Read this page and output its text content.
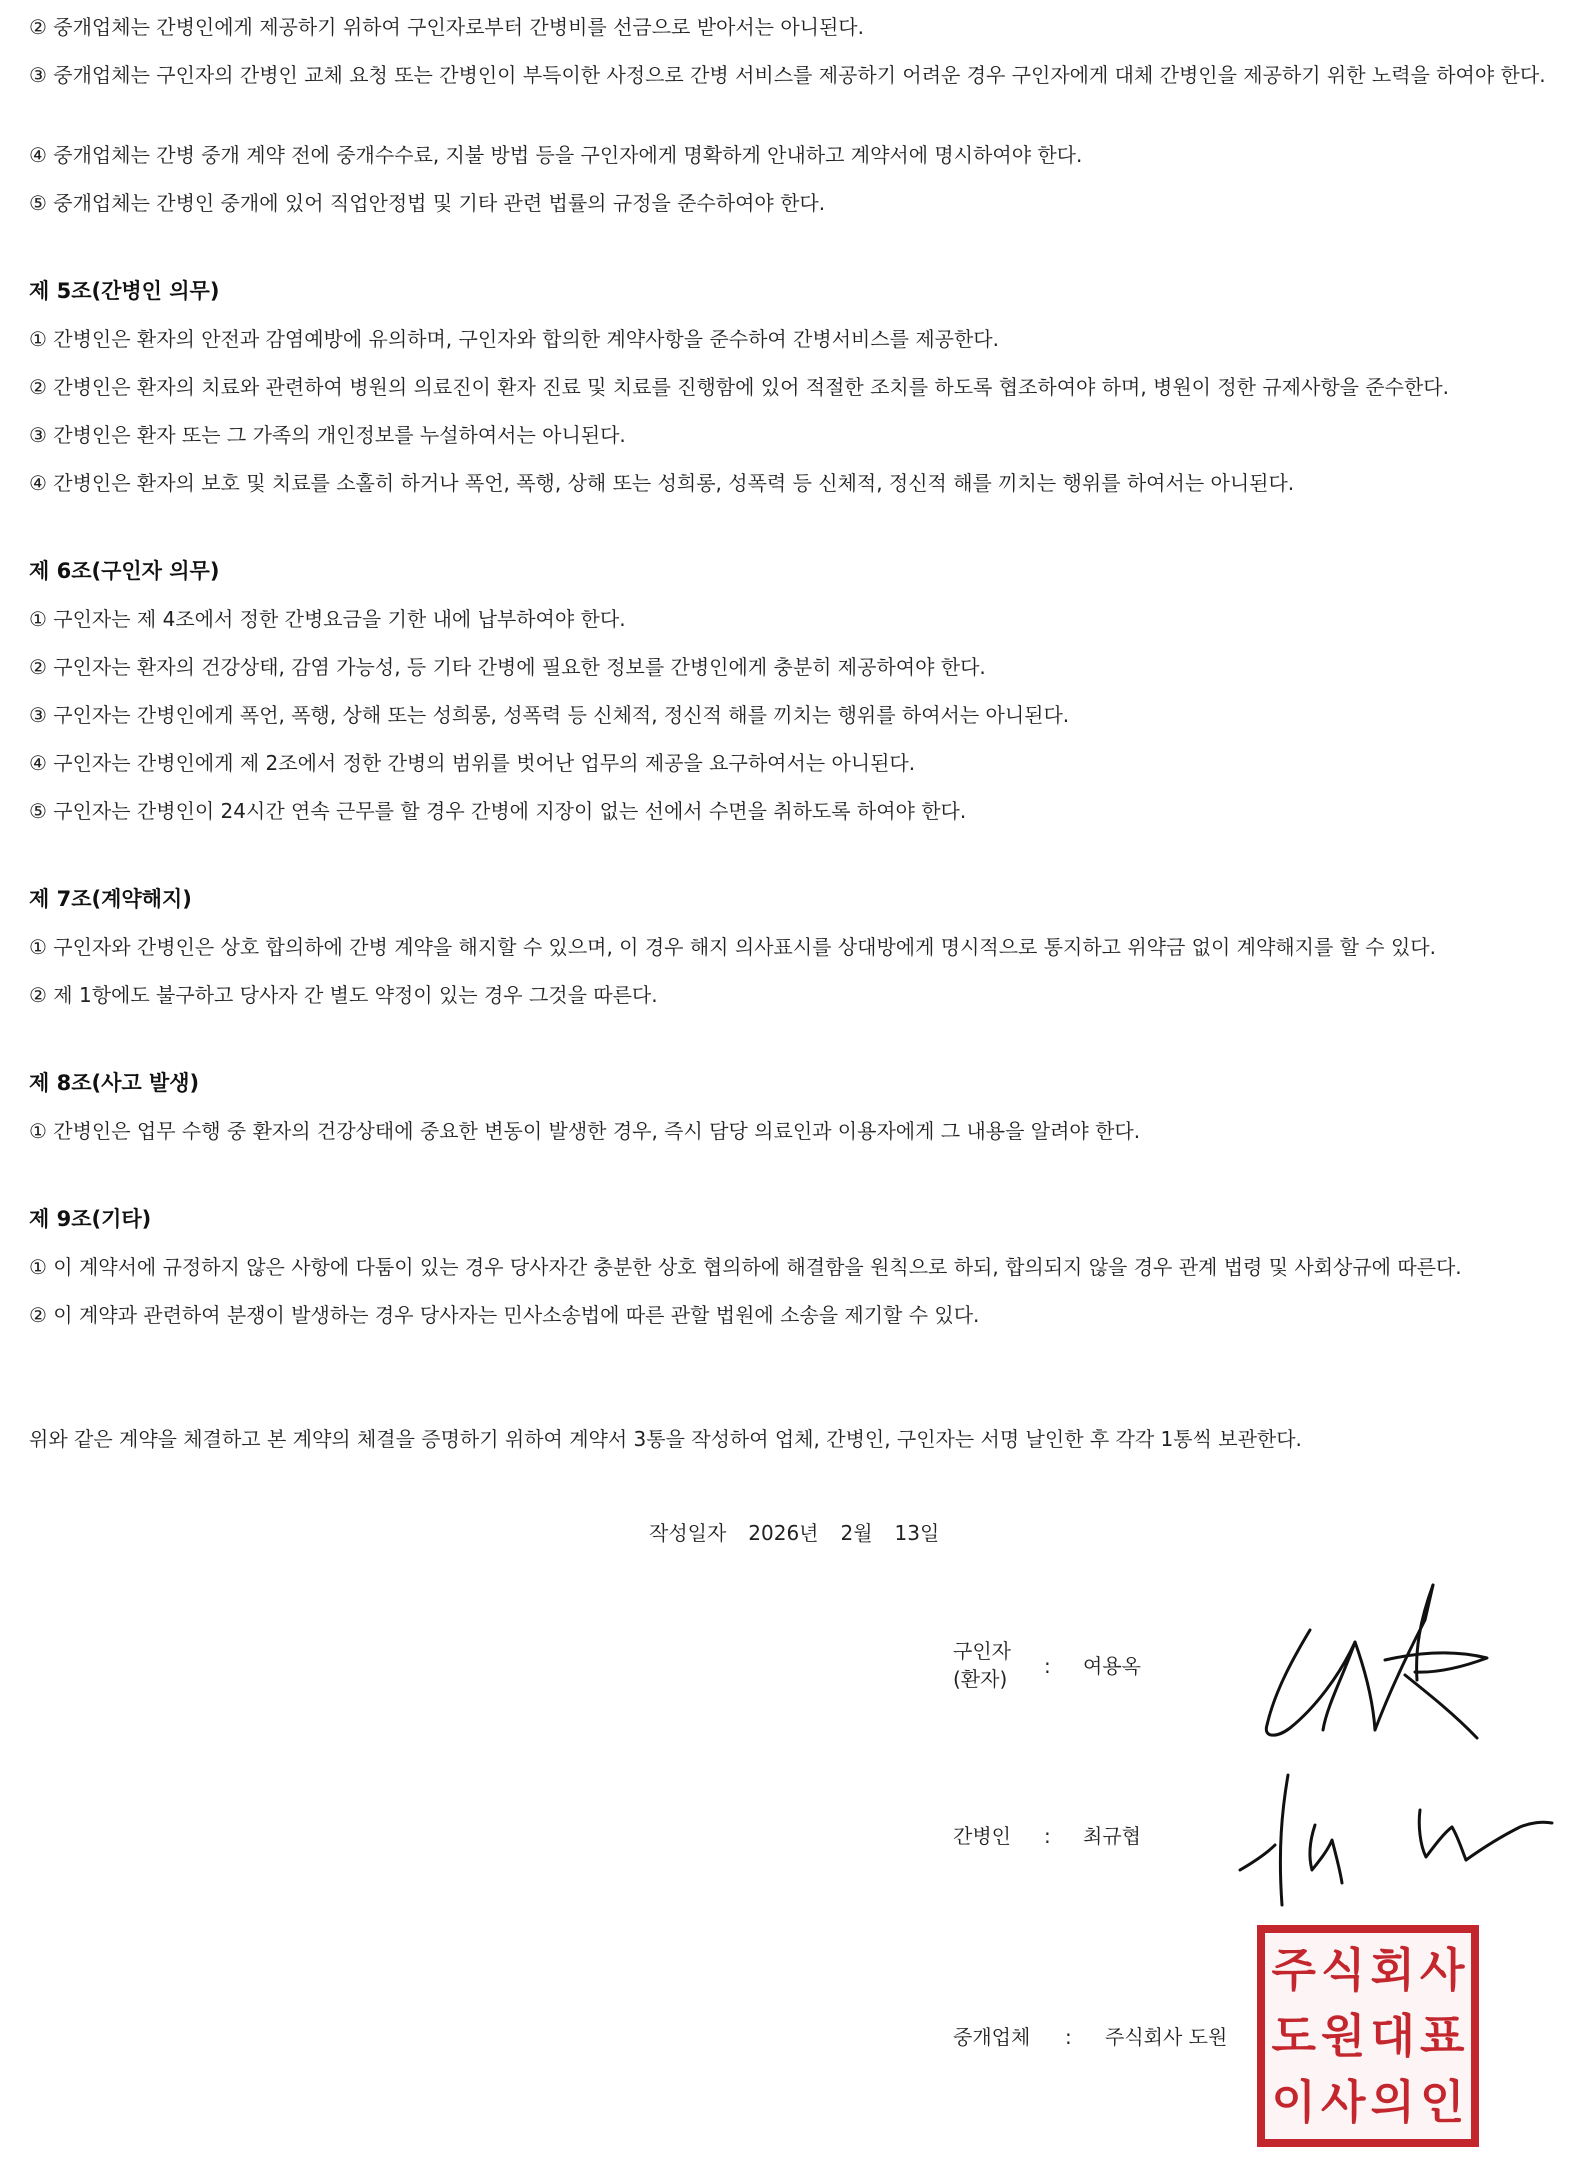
② 중개업체는 간병인에게 제공하기 위하여 구인자로부터 간병비를 선금으로 받아서는 아니된다.

③ 중개업체는 구인자의 간병인 교체 요청 또는 간병인이 부득이한 사정으로 간병 서비스를 제공하기 어려운 경우 구인자에게 대체 간병인을 제공하기 위한 노력을 하여야 한다.

④ 중개업체는 간병 중개 계약 전에 중개수수료, 지불 방법 등을 구인자에게 명확하게 안내하고 계약서에 명시하여야 한다.

⑤ 중개업체는 간병인 중개에 있어 직업안정법 및 기타 관련 법률의 규정을 준수하여야 한다.

제 5조(간병인 의무)

① 간병인은 환자의 안전과 감염예방에 유의하며, 구인자와 합의한 계약사항을 준수하여 간병서비스를 제공한다.

② 간병인은 환자의 치료와 관련하여 병원의 의료진이 환자 진료 및 치료를 진행함에 있어 적절한 조치를 하도록 협조하여야 하며, 병원이 정한 규제사항을 준수한다.

③ 간병인은 환자 또는 그 가족의 개인정보를 누설하여서는 아니된다.

④ 간병인은 환자의 보호 및 치료를 소홀히 하거나 폭언, 폭행, 상해 또는 성희롱, 성폭력 등 신체적, 정신적 해를 끼치는 행위를 하여서는 아니된다.

제 6조(구인자 의무)

① 구인자는 제 4조에서 정한 간병요금을 기한 내에 납부하여야 한다.

② 구인자는 환자의 건강상태, 감염 가능성, 등 기타 간병에 필요한 정보를 간병인에게 충분히 제공하여야 한다.

③ 구인자는 간병인에게 폭언, 폭행, 상해 또는 성희롱, 성폭력 등 신체적, 정신적 해를 끼치는 행위를 하여서는 아니된다.

④ 구인자는 간병인에게 제 2조에서 정한 간병의 범위를 벗어난 업무의 제공을 요구하여서는 아니된다.

⑤ 구인자는 간병인이 24시간 연속 근무를 할 경우 간병에 지장이 없는 선에서 수면을 취하도록 하여야 한다.

제 7조(계약해지)

① 구인자와 간병인은 상호 합의하에 간병 계약을 해지할 수 있으며, 이 경우 해지 의사표시를 상대방에게 명시적으로 통지하고 위약금 없이 계약해지를 할 수 있다.

② 제 1항에도 불구하고 당사자 간 별도 약정이 있는 경우 그것을 따른다.

제 8조(사고 발생)

① 간병인은 업무 수행 중 환자의 건강상태에 중요한 변동이 발생한 경우, 즉시 담당 의료인과 이용자에게 그 내용을 알려야 한다.

제 9조(기타)

① 이 계약서에 규정하지 않은 사항에 다툼이 있는 경우 당사자간 충분한 상호 협의하에 해결함을 원칙으로 하되, 합의되지 않을 경우 관계 법령 및 사회상규에 따른다.

② 이 계약과 관련하여 분쟁이 발생하는 경우 당사자는 민사소송법에 따른 관할 법원에 소송을 제기할 수 있다.

위와 같은 계약을 체결하고 본 계약의 체결을 증명하기 위하여 계약서 3통을 작성하여 업체, 간병인, 구인자는 서명 날인한 후 각각 1통씩 보관한다.

작성일자 2026년 2월 13일
구인자
(환자)
: 여용옥
간병인 : 최규협
중개업체 : 주식회사 도원
주 식 회 사
도 원 대 표
이 사 의 인
